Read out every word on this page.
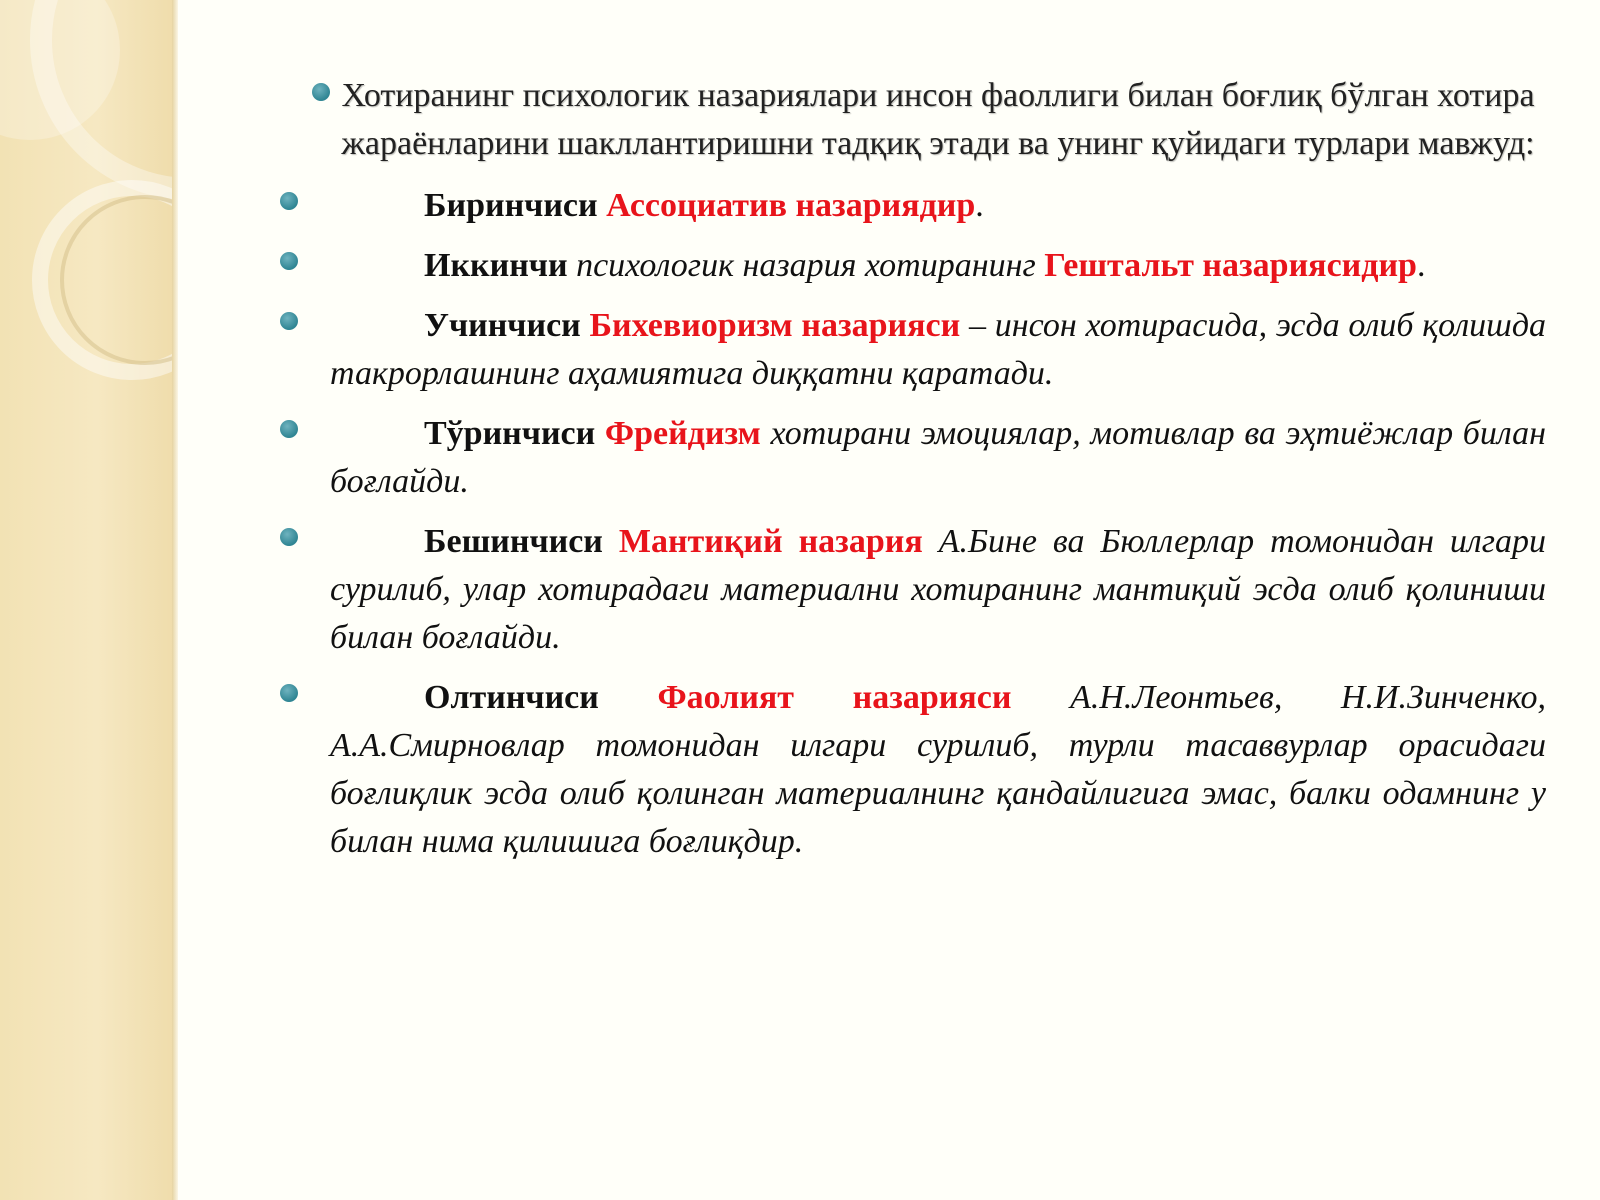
Хотиранинг психологик назариялари инсон фаоллиги билан боғлиқ бўлган хотира жараёнларини шакллантиришни тадқиқ этади ва унинг қуйидаги турлари мавжуд:
Биринчиси Ассоциатив назариядир.
Иккинчи психологик назария хотиранинг Гештальт назариясидир.
Учинчиси Бихевиоризм назарияси – инсон хотирасида, эсда олиб қолишда такрорлашнинг аҳамиятига диққатни қаратади.
Тўринчиси Фрейдизм хотирани эмоциялар, мотивлар ва эҳтиёжлар билан боғлайди.
Бешинчиси Мантиқий назария А.Бине ва Бюллерлар томонидан илгари сурилиб, улар хотирадаги материални хотиранинг мантиқий эсда олиб қолиниши билан боғлайди.
Олтинчиси Фаолият назарияси А.Н.Леонтьев, Н.И.Зинченко, А.А.Смирновлар томонидан илгари сурилиб, турли тасаввурлар орасидаги боғлиқлик эсда олиб қолинган материалнинг қандайлигига эмас, балки одамнинг у билан нима қилишига боғлиқдир.
